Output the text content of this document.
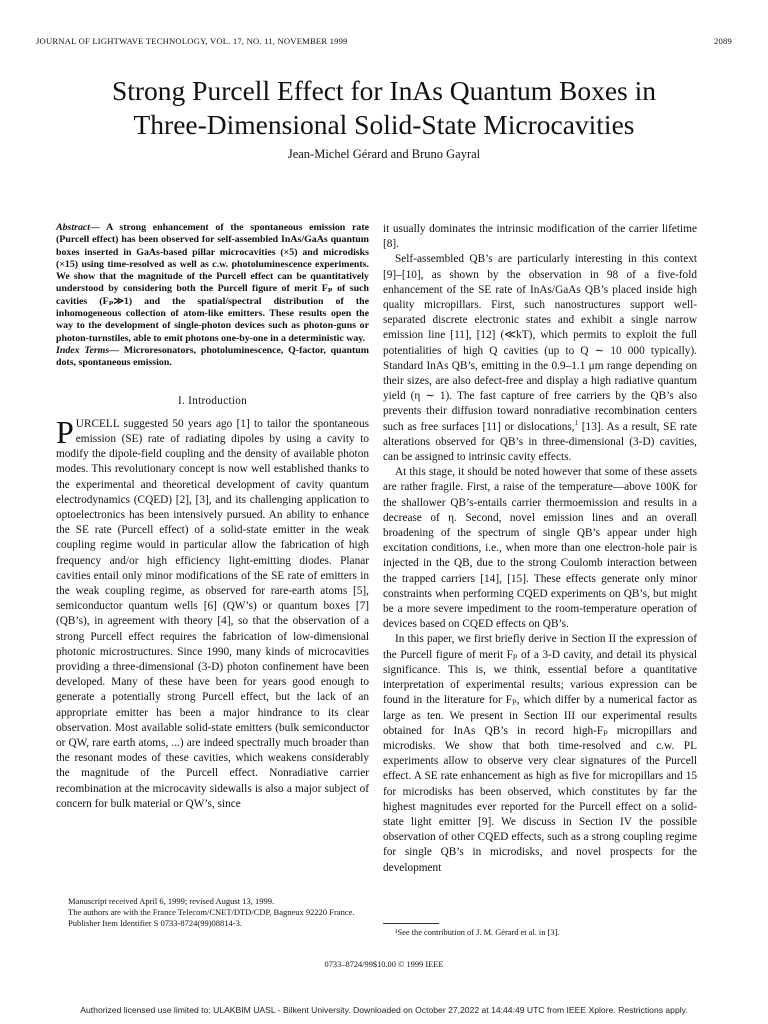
JOURNAL OF LIGHTWAVE TECHNOLOGY, VOL. 17, NO. 11, NOVEMBER 1999	2089
Strong Purcell Effect for InAs Quantum Boxes in
Three-Dimensional Solid-State Microcavities
Jean-Michel Gérard and Bruno Gayral

Abstract— A strong enhancement of the spontaneous emission rate (Purcell effect) has been observed for self-assembled InAs/GaAs quantum boxes inserted in GaAs-based pillar microcavities (×5) and microdisks (×15) using time-resolved as well as c.w. photoluminescence experiments. We show that the magnitude of the Purcell effect can be quantitatively understood by considering both the Purcell figure of merit Fₚ of such cavities (Fₚ≫1) and the spatial/spectral distribution of the inhomogeneous collection of atom-like emitters. These results open the way to the development of single-photon devices such as photon-guns or photon-turnstiles, able to emit photons one-by-one in a deterministic way.

Index Terms— Microresonators, photoluminescence, Q-factor, quantum dots, spontaneous emission.

I. Introduction

PURCELL suggested 50 years ago [1] to tailor the spontaneous emission (SE) rate of radiating dipoles by using a cavity to modify the dipole-field coupling and the density of available photon modes. This revolutionary concept is now well established thanks to the experimental and theoretical development of cavity quantum electrodynamics (CQED) [2], [3], and its challenging application to optoelectronics has been intensively pursued. An ability to enhance the SE rate (Purcell effect) of a solid-state emitter in the weak coupling regime would in particular allow the fabrication of high frequency and/or high efficiency light-emitting diodes. Planar cavities entail only minor modifications of the SE rate of emitters in the weak coupling regime, as observed for rare-earth atoms [5], semiconductor quantum wells [6] (QW’s) or quantum boxes [7] (QB’s), in agreement with theory [4], so that the observation of a strong Purcell effect requires the fabrication of low-dimensional photonic microstructures. Since 1990, many kinds of microcavities providing a three-dimensional (3-D) photon confinement have been developed. Many of these have been for years good enough to generate a potentially strong Purcell effect, but the lack of an appropriate emitter has been a major hindrance to its clear observation. Most available solid-state emitters (bulk semiconductor or QW, rare earth atoms, ...) are indeed spectrally much broader than the resonant modes of these cavities, which weakens considerably the magnitude of the Purcell effect. Nonradiative carrier recombination at the microcavity sidewalls is also a major subject of concern for bulk material or QW’s, since

Manuscript received April 6, 1999; revised August 13, 1999.

The authors are with the France Telecom/CNET/DTD/CDP, Bagneux 92220 France.

Publisher Item Identifier S 0733-8724(99)08814-3.

it usually dominates the intrinsic modification of the carrier lifetime [8].

Self-assembled QB’s are particularly interesting in this context [9]–[10], as shown by the observation in 98 of a five-fold enhancement of the SE rate of InAs/GaAs QB’s placed inside high quality micropillars. First, such nanostructures support well-separated discrete electronic states and exhibit a single narrow emission line [11], [12] (≪kT), which permits to exploit the full potentialities of high Q cavities (up to Q ∼ 10 000 typically). Standard InAs QB’s, emitting in the 0.9–1.1 μm range depending on their sizes, are also defect-free and display a high radiative quantum yield (η ∼ 1). The fast capture of free carriers by the QB’s also prevents their diffusion toward nonradiative recombination centers such as free surfaces [11] or dislocations,$^1$ [13]. As a result, SE rate alterations observed for QB’s in three-dimensional (3-D) cavities, can be assigned to intrinsic cavity effects.

At this stage, it should be noted however that some of these assets are rather fragile. First, a raise of the temperature—above 100K for the shallower QB’s-entails carrier thermoemission and results in a decrease of η. Second, novel emission lines and an overall broadening of the spectrum of single QB’s appear under high excitation conditions, i.e., when more than one electron-hole pair is injected in the QB, due to the strong Coulomb interaction between the trapped carriers [14], [15]. These effects generate only minor constraints when performing CQED experiments on QB’s, but might be a more severe impediment to the room-temperature operation of devices based on CQED effects on QB’s.

In this paper, we first briefly derive in Section II the expression of the Purcell figure of merit Fₚ of a 3-D cavity, and detail its physical significance. This is, we think, essential before a quantitative interpretation of experimental results; various expression can be found in the literature for Fₚ, which differ by a numerical factor as large as ten. We present in Section III our experimental results obtained for InAs QB’s in record high-Fₚ micropillars and microdisks. We show that both time-resolved and c.w. PL experiments allow to observe very clear signatures of the Purcell effect. A SE rate enhancement as high as five for micropillars and 15 for microdisks has been observed, which constitutes by far the highest magnitudes ever reported for the Purcell effect on a solid-state light emitter [9]. We discuss in Section IV the possible observation of other CQED effects, such as a strong coupling regime for single QB’s in microdisks, and novel prospects for the development

¹See the contribution of J. M. Gérard et al. in [3].
0733–8724/99$10.00 © 1999 IEEE
Authorized licensed use limited to: ULAKBIM UASL - Bilkent University. Downloaded on October 27,2022 at 14:44:49 UTC from IEEE Xplore. Restrictions apply.
